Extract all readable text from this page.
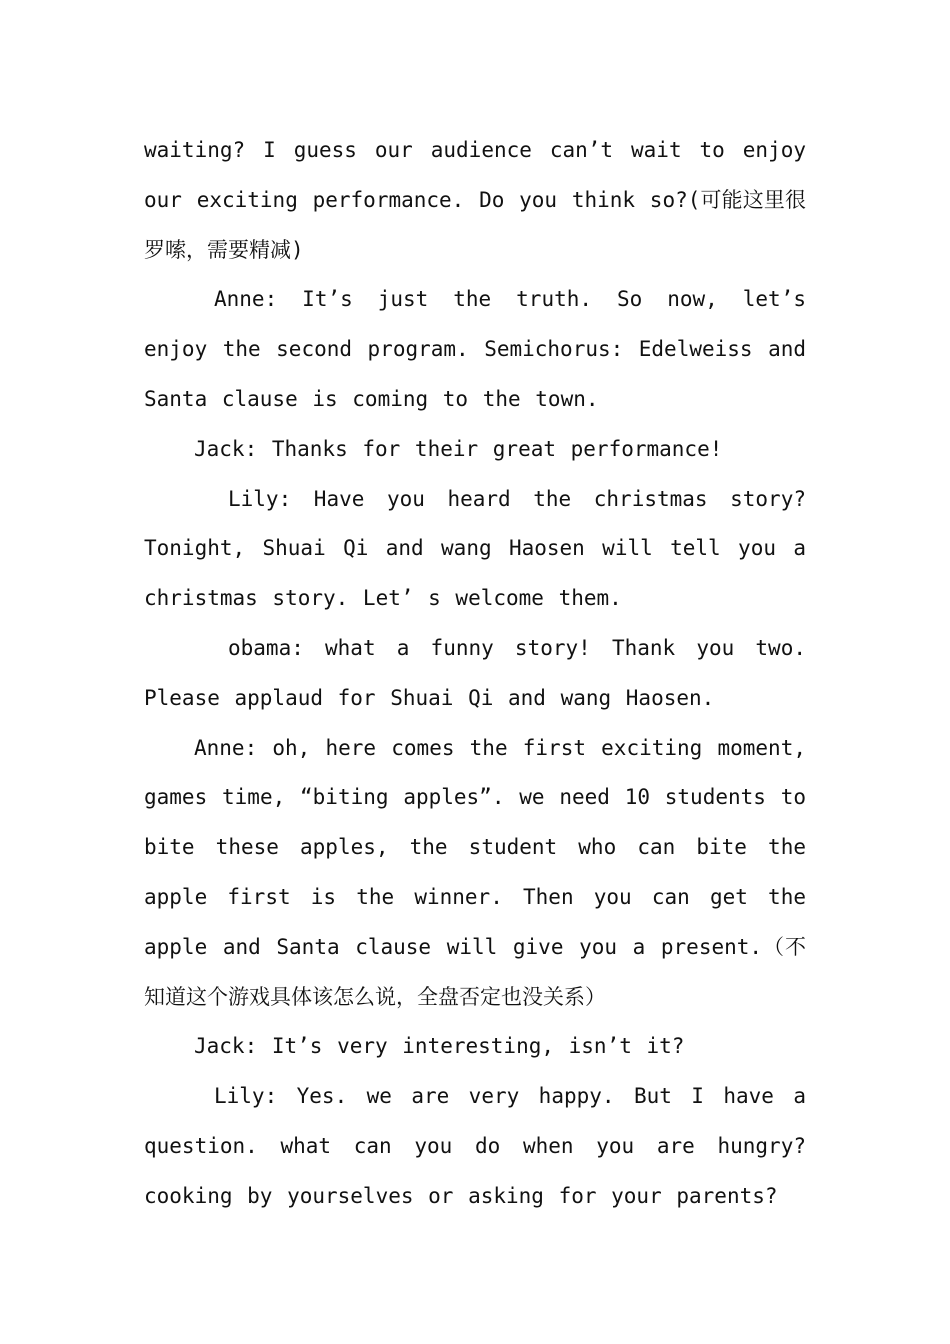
waiting? I guess our audience can’t wait to enjoy our exciting performance. Do you think so?(可能这里很罗嗦，需要精减)

Anne: It’s just the truth. So now, let’s enjoy the second program. Semichorus: Edelweiss and Santa clause is coming to the town.

Jack: Thanks for their great performance!

Lily: Have you heard the christmas story? Tonight, Shuai Qi and wang Haosen will tell you a christmas story. Let’ s welcome them.

obama: what a funny story! Thank you two. Please applaud for Shuai Qi and wang Haosen.

Anne: oh, here comes the first exciting moment, games time, “biting apples”. we need 10 students to bite these apples, the student who can bite the apple first is the winner. Then you can get the apple and Santa clause will give you a present.（不知道这个游戏具体该怎么说，全盘否定也没关系）

Jack: It’s very interesting, isn’t it?

Lily: Yes. we are very happy. But I have a question. what can you do when you are hungry? cooking by yourselves or asking for your parents?
